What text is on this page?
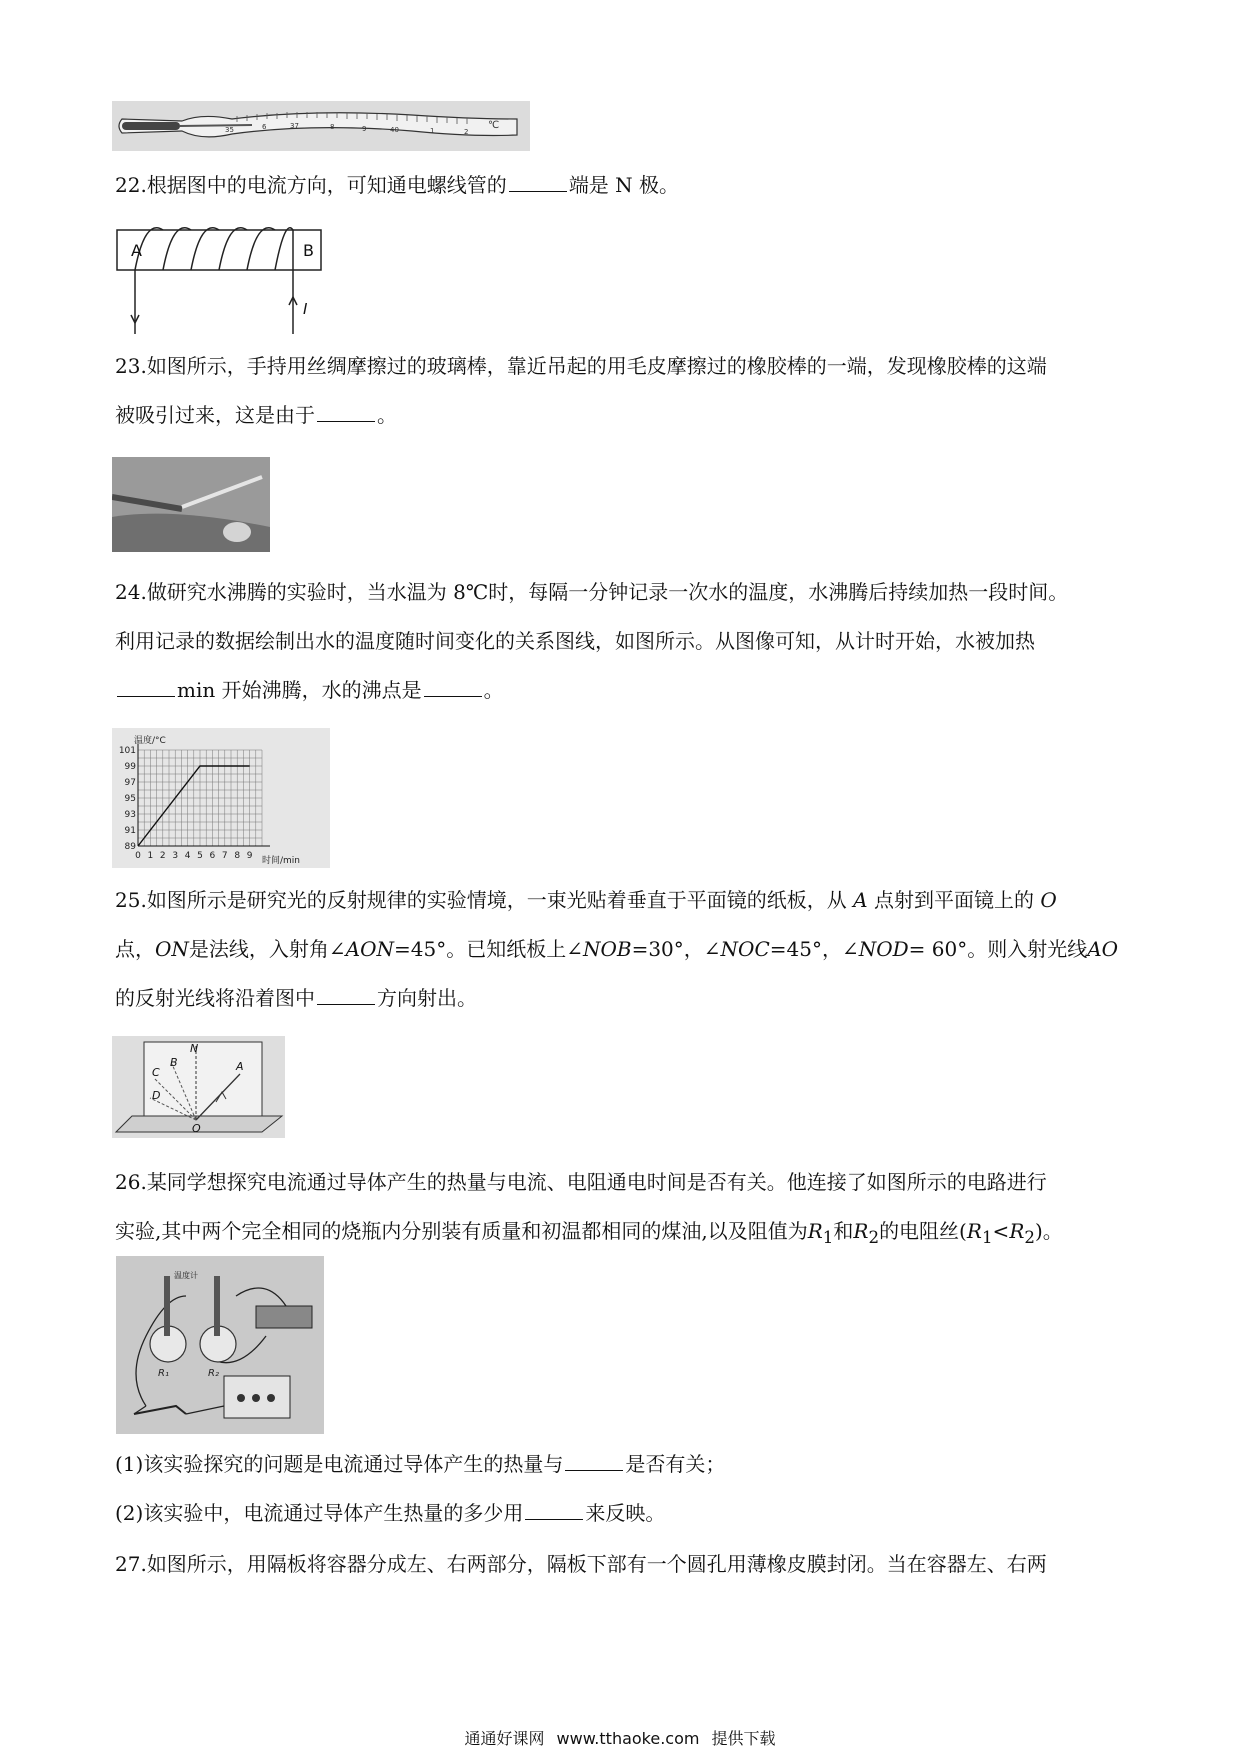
35	6	37	8	9	40	1	2
℃
22.根据图中的电流方向，可知通电螺线管的	端是 N 极。
A	B
I
23.如图所示，手持用丝绸摩擦过的玻璃棒，靠近吊起的用毛皮摩擦过的橡胶棒的一端，发现橡胶棒的这端
被吸引过来，这是由于	。
24.做研究水沸腾的实验时，当水温为 8℃时，每隔一分钟记录一次水的温度，水沸腾后持续加热一段时间。
利用记录的数据绘制出水的温度随时间变化的关系图线，如图所示。从图像可知，从计时开始，水被加热
min 开始沸腾，水的沸点是	。
89
91
93
95
97
99
101
0 1 2 3 4 5 6 7 8 9
温度/°C
时间/min
25.如图所示是研究光的反射规律的实验情境，一束光贴着垂直于平面镜的纸板，从 A 点射到平面镜上的 O
点，ON是法线，入射角∠AON=45°。已知纸板上∠NOB=30°，∠NOC=45°，∠NOD= 60°。则入射光线AO
的反射光线将沿着图中	方向射出。
N
B
C	A
D
O
26.某同学想探究电流通过导体产生的热量与电流、电阻通电时间是否有关。他连接了如图所示的电路进行
实验,其中两个完全相同的烧瓶内分别装有质量和初温都相同的煤油,以及阻值为$R_1$和$R_2$的电阻丝$(R_1<R_2)$。
温度计
R₁	R₂
(1)该实验探究的问题是电流通过导体产生的热量与	是否有关；
(2)该实验中，电流通过导体产生热量的多少用	来反映。
27.如图所示，用隔板将容器分成左、右两部分，隔板下部有一个圆孔用薄橡皮膜封闭。当在容器左、右两
通通好课网 www.tthaoke.com 提供下载
